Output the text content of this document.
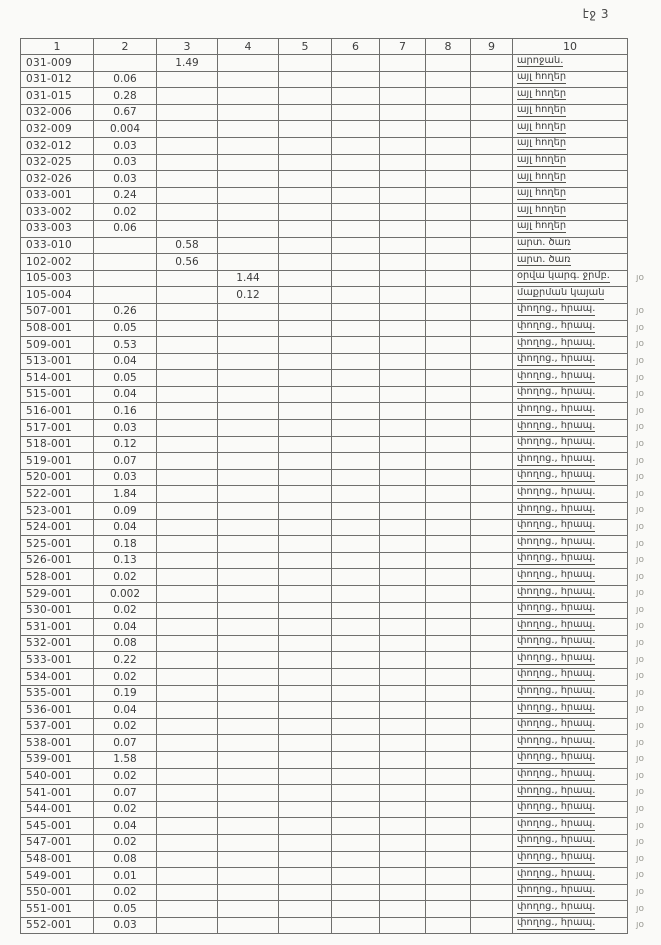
էջ 3
1	2	3	4	5	6	7	8	9	10	
031-009		1.49							արոջան.	
031-012	0.06								այլ հողեր	
031-015	0.28								այլ հողեր	
032-006	0.67								այլ հողեր	
032-009	0.004								այլ հողեր	
032-012	0.03								այլ հողեր	
032-025	0.03								այլ հողեր	
032-026	0.03								այլ հողեր	
033-001	0.24								այլ հողեր	
033-002	0.02								այլ հողեր	
033-003	0.06								այլ հողեր	
033-010		0.58							արտ. ծառ	
102-002		0.56							արտ. ծառ	
105-003			1.44						օրվա կարգ. ջրմբ.	յօ
105-004			0.12						մաքրման կայան	
507-001	0.26								փողոց., հրապ.	յօ
508-001	0.05								փողոց., հրապ.	յօ
509-001	0.53								փողոց., հրապ.	յօ
513-001	0.04								փողոց., հրապ.	յօ
514-001	0.05								փողոց., հրապ.	յօ
515-001	0.04								փողոց., հրապ.	յօ
516-001	0.16								փողոց., հրապ.	յօ
517-001	0.03								փողոց., հրապ.	յօ
518-001	0.12								փողոց., հրապ.	յօ
519-001	0.07								փողոց., հրապ.	յօ
520-001	0.03								փողոց., հրապ.	յօ
522-001	1.84								փողոց., հրապ.	յօ
523-001	0.09								փողոց., հրապ.	յօ
524-001	0.04								փողոց., հրապ.	յօ
525-001	0.18								փողոց., հրապ.	յօ
526-001	0.13								փողոց., հրապ.	յօ
528-001	0.02								փողոց., հրապ.	յօ
529-001	0.002								փողոց., հրապ.	յօ
530-001	0.02								փողոց., հրապ.	յօ
531-001	0.04								փողոց., հրապ.	յօ
532-001	0.08								փողոց., հրապ.	յօ
533-001	0.22								փողոց., հրապ.	յօ
534-001	0.02								փողոց., հրապ.	յօ
535-001	0.19								փողոց., հրապ.	յօ
536-001	0.04								փողոց., հրապ.	յօ
537-001	0.02								փողոց., հրապ.	յօ
538-001	0.07								փողոց., հրապ.	յօ
539-001	1.58								փողոց., հրապ.	յօ
540-001	0.02								փողոց., հրապ.	յօ
541-001	0.07								փողոց., հրապ.	յօ
544-001	0.02								փողոց., հրապ.	յօ
545-001	0.04								փողոց., հրապ.	յօ
547-001	0.02								փողոց., հրապ.	յօ
548-001	0.08								փողոց., հրապ.	յօ
549-001	0.01								փողոց., հրապ.	յօ
550-001	0.02								փողոց., հրապ.	յօ
551-001	0.05								փողոց., հրապ.	յօ
552-001	0.03								փողոց., հրապ.	յօ
